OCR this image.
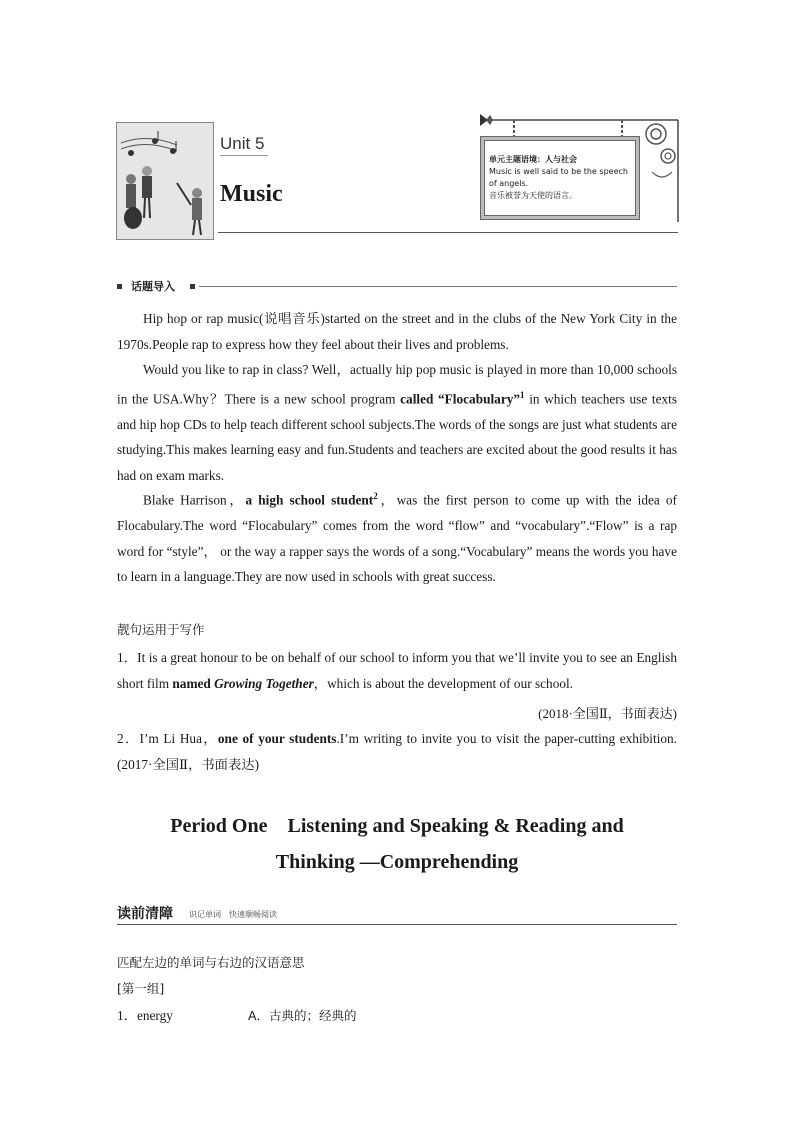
Unit 5
Music
单元主题语境：人与社会
Music is well said to be the speech of angels.
音乐被誉为天使的语言。
话题导入
Hip hop or rap music(说唱音乐)started on the street and in the clubs of the New York City in the 1970s.People rap to express how they feel about their lives and problems.
Would you like to rap in class? Well，actually hip pop music is played in more than 10,000 schools in the USA.Why？There is a new school program called “Flocabulary”$^1$ in which teachers use texts and hip hop CDs to help teach different school subjects.The words of the songs are just what students are studying.This makes learning easy and fun.Students and teachers are excited about the good results it has had on exam marks.
Blake Harrison，a high school student$^2$，was the first person to come up with the idea of Flocabulary.The word “Flocabulary” comes from the word “flow” and “vocabulary”.“Flow” is a rap word for “style”， or the way a rapper says the words of a song.“Vocabulary” means the words you have to learn in a language.They are now used in schools with great success.
靓句运用于写作
1．It is a great honour to be on behalf of our school to inform you that we’ll invite you to see an English short film named Growing Together，which is about the development of our school.
(2018·全国Ⅱ，书面表达)
2．I’m Li Hua，one of your students.I’m writing to invite you to visit the paper-cutting exhibition.(2017·全国Ⅱ，书面表达)
Period One　Listening and Speaking & Reading and
Thinking —Comprehending
读前清障 识记单词　快速顺畅阅读
匹配左边的单词与右边的汉语意思
[第一组]
1．energy	A．古典的；经典的
